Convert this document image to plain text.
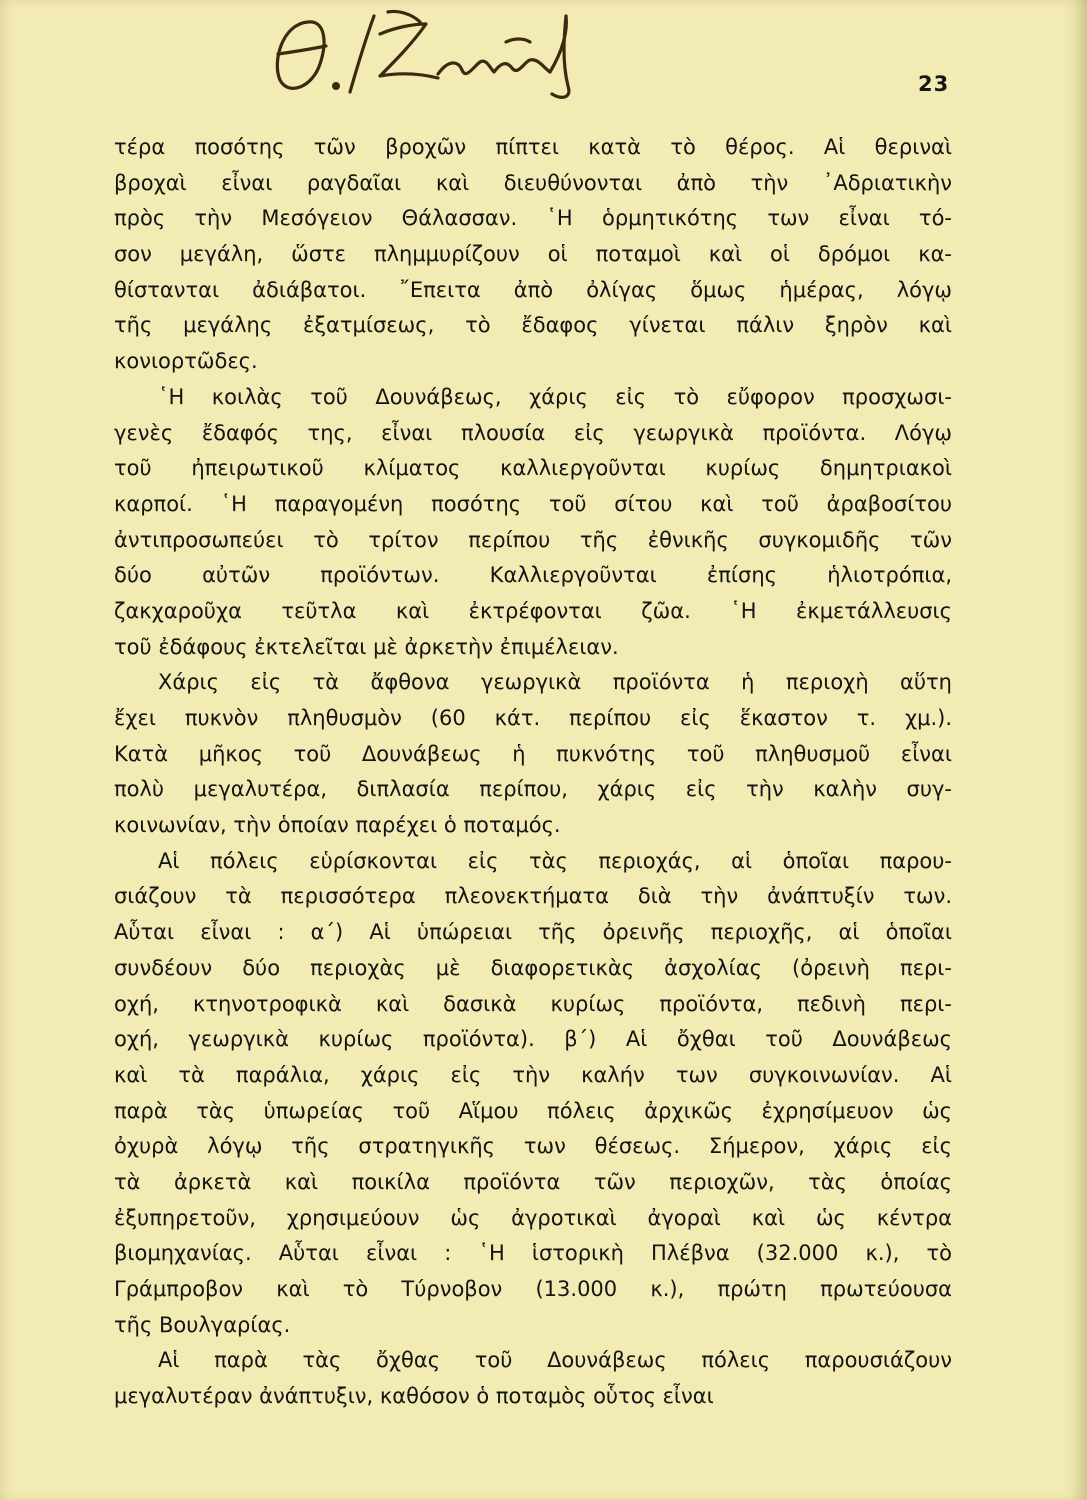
Θ. Καμπάς
23
τέρα ποσότης τῶν βροχῶν πίπτει κατὰ τὸ θέρος. Αἱ θεριναὶ
βροχαὶ εἶναι ραγδαῖαι καὶ διευθύνονται ἀπὸ τὴν ᾽Αδριατικὴν
πρὸς τὴν Μεσόγειον Θάλασσαν. ῾Η ὁρμητικότης των εἶναι τό-
σον μεγάλη, ὥστε πλημμυρίζουν οἱ ποταμοὶ καὶ οἱ δρόμοι κα-
θίστανται ἀδιάβατοι. ῎Επειτα ἀπὸ ὀλίγας ὅμως ἡμέρας, λόγῳ
τῆς μεγάλης ἐξατμίσεως, τὸ ἔδαφος γίνεται πάλιν ξηρὸν καὶ
κονιορτῶδες.
῾Η κοιλὰς τοῦ Δουνάβεως, χάρις εἰς τὸ εὔφορον προσχωσι-
γενὲς ἔδαφός της, εἶναι πλουσία εἰς γεωργικὰ προϊόντα. Λόγῳ
τοῦ ἠπειρωτικοῦ κλίματος καλλιεργοῦνται κυρίως δημητριακοὶ
καρποί. ῾Η παραγομένη ποσότης τοῦ σίτου καὶ τοῦ ἀραβοσίτου
ἀντιπροσωπεύει τὸ τρίτον περίπου τῆς ἐθνικῆς συγκομιδῆς τῶν
δύο αὐτῶν προϊόντων. Καλλιεργοῦνται ἐπίσης ἡλιοτρόπια,
ζακχαροῦχα τεῦτλα καὶ ἐκτρέφονται ζῶα. ῾Η ἐκμετάλλευσις
τοῦ ἐδάφους ἐκτελεῖται μὲ ἀρκετὴν ἐπιμέλειαν.
Χάρις εἰς τὰ ἄφθονα γεωργικὰ προϊόντα ἡ περιοχὴ αὕτη
ἔχει πυκνὸν πληθυσμὸν (60 κάτ. περίπου εἰς ἕκαστον τ. χμ.).
Κατὰ μῆκος τοῦ Δουνάβεως ἡ πυκνότης τοῦ πληθυσμοῦ εἶναι
πολὺ μεγαλυτέρα, διπλασία περίπου, χάρις εἰς τὴν καλὴν συγ-
κοινωνίαν, τὴν ὁποίαν παρέχει ὁ ποταμός.
Αἱ πόλεις εὑρίσκονται εἰς τὰς περιοχάς, αἱ ὁποῖαι παρου-
σιάζουν τὰ περισσότερα πλεονεκτήματα διὰ τὴν ἀνάπτυξίν των.
Αὗται εἶναι : α΄) Αἱ ὑπώρειαι τῆς ὀρεινῆς περιοχῆς, αἱ ὁποῖαι
συνδέουν δύο περιοχὰς μὲ διαφορετικὰς ἀσχολίας (ὀρεινὴ περι-
οχή, κτηνοτροφικὰ καὶ δασικὰ κυρίως προϊόντα, πεδινὴ περι-
οχή, γεωργικὰ κυρίως προϊόντα). β΄) Αἱ ὄχθαι τοῦ Δουνάβεως
καὶ τὰ παράλια, χάρις εἰς τὴν καλήν των συγκοινωνίαν. Αἱ
παρὰ τὰς ὑπωρείας τοῦ Αἵμου πόλεις ἀρχικῶς ἐχρησίμευον ὡς
ὀχυρὰ λόγῳ τῆς στρατηγικῆς των θέσεως. Σήμερον, χάρις εἰς
τὰ ἀρκετὰ καὶ ποικίλα προϊόντα τῶν περιοχῶν, τὰς ὁποίας
ἐξυπηρετοῦν, χρησιμεύουν ὡς ἀγροτικαὶ ἀγοραὶ καὶ ὡς κέντρα
βιομηχανίας. Αὗται εἶναι : ῾Η ἱστορικὴ Πλέβνα (32.000 κ.), τὸ
Γράμπροβον καὶ τὸ Τύρνοβον (13.000 κ.), πρώτη πρωτεύουσα
τῆς Βουλγαρίας.
Αἱ παρὰ τὰς ὄχθας τοῦ Δουνάβεως πόλεις παρουσιάζουν
μεγαλυτέραν ἀνάπτυξιν, καθόσον ὁ ποταμὸς οὗτος εἶναι
